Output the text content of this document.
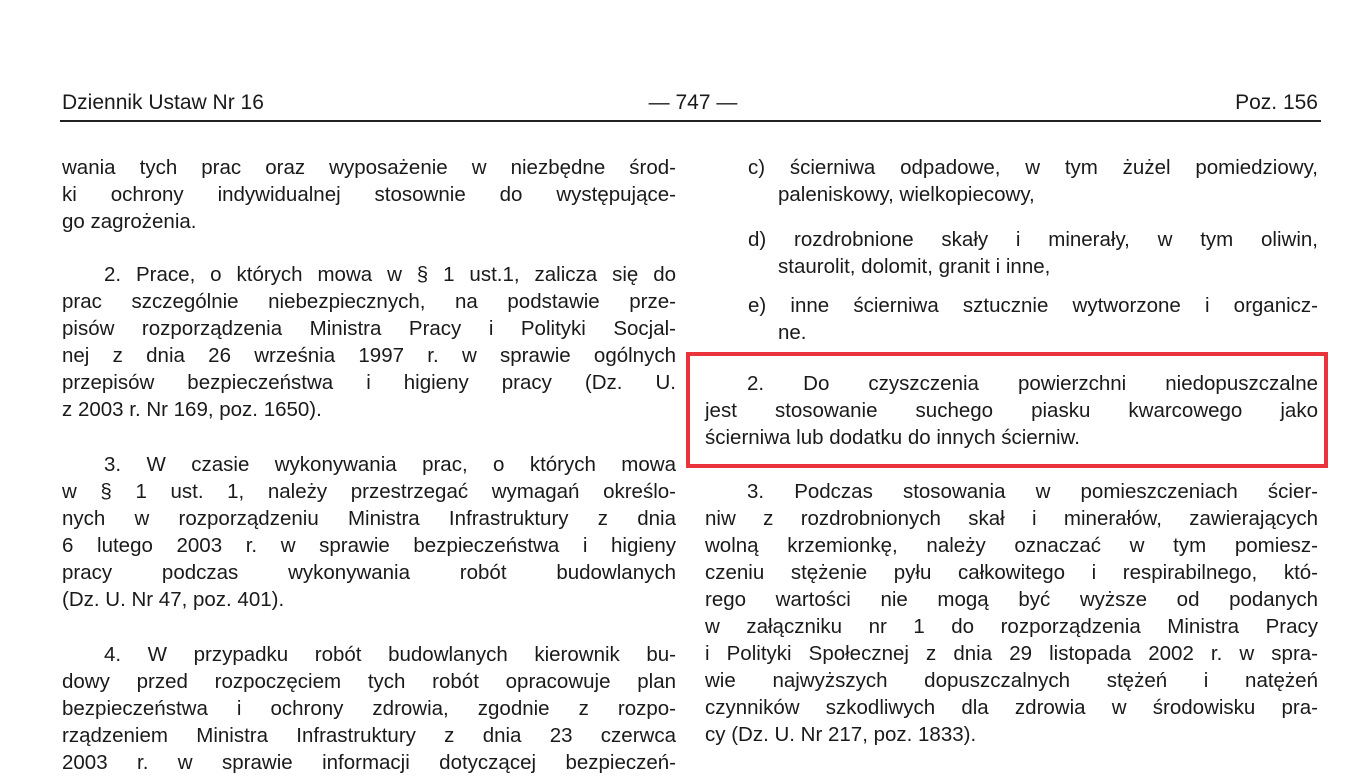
Dziennik Ustaw Nr 16	— 747 —	Poz. 156
wania tych prac oraz wyposażenie w niezbędne środ-
ki ochrony indywidualnej stosownie do występujące-
go zagrożenia.
2. Prace, o których mowa w § 1 ust.1, zalicza się do
prac szczególnie niebezpiecznych, na podstawie prze-
pisów rozporządzenia Ministra Pracy i Polityki Socjal-
nej z dnia 26 września 1997 r. w sprawie ogólnych
przepisów bezpieczeństwa i higieny pracy (Dz. U.
z 2003 r. Nr 169, poz. 1650).
3. W czasie wykonywania prac, o których mowa
w § 1 ust. 1, należy przestrzegać wymagań określo-
nych w rozporządzeniu Ministra Infrastruktury z dnia
6 lutego 2003 r. w sprawie bezpieczeństwa i higieny
pracy podczas wykonywania robót budowlanych
(Dz. U. Nr 47, poz. 401).
4. W przypadku robót budowlanych kierownik bu-
dowy przed rozpoczęciem tych robót opracowuje plan
bezpieczeństwa i ochrony zdrowia, zgodnie z rozpo-
rządzeniem Ministra Infrastruktury z dnia 23 czerwca
2003 r. w sprawie informacji dotyczącej bezpieczeń-
c) ścierniwa odpadowe, w tym żużel pomiedziowy,
paleniskowy, wielkopiecowy,
d) rozdrobnione skały i minerały, w tym oliwin,
staurolit, dolomit, granit i inne,
e) inne ścierniwa sztucznie wytworzone i organicz-
ne.
2. Do czyszczenia powierzchni niedopuszczalne
jest stosowanie suchego piasku kwarcowego jako
ścierniwa lub dodatku do innych ścierniw.
3. Podczas stosowania w pomieszczeniach ścier-
niw z rozdrobnionych skał i minerałów, zawierających
wolną krzemionkę, należy oznaczać w tym pomiesz-
czeniu stężenie pyłu całkowitego i respirabilnego, któ-
rego wartości nie mogą być wyższe od podanych
w załączniku nr 1 do rozporządzenia Ministra Pracy
i Polityki Społecznej z dnia 29 listopada 2002 r. w spra-
wie najwyższych dopuszczalnych stężeń i natężeń
czynników szkodliwych dla zdrowia w środowisku pra-
cy (Dz. U. Nr 217, poz. 1833).
